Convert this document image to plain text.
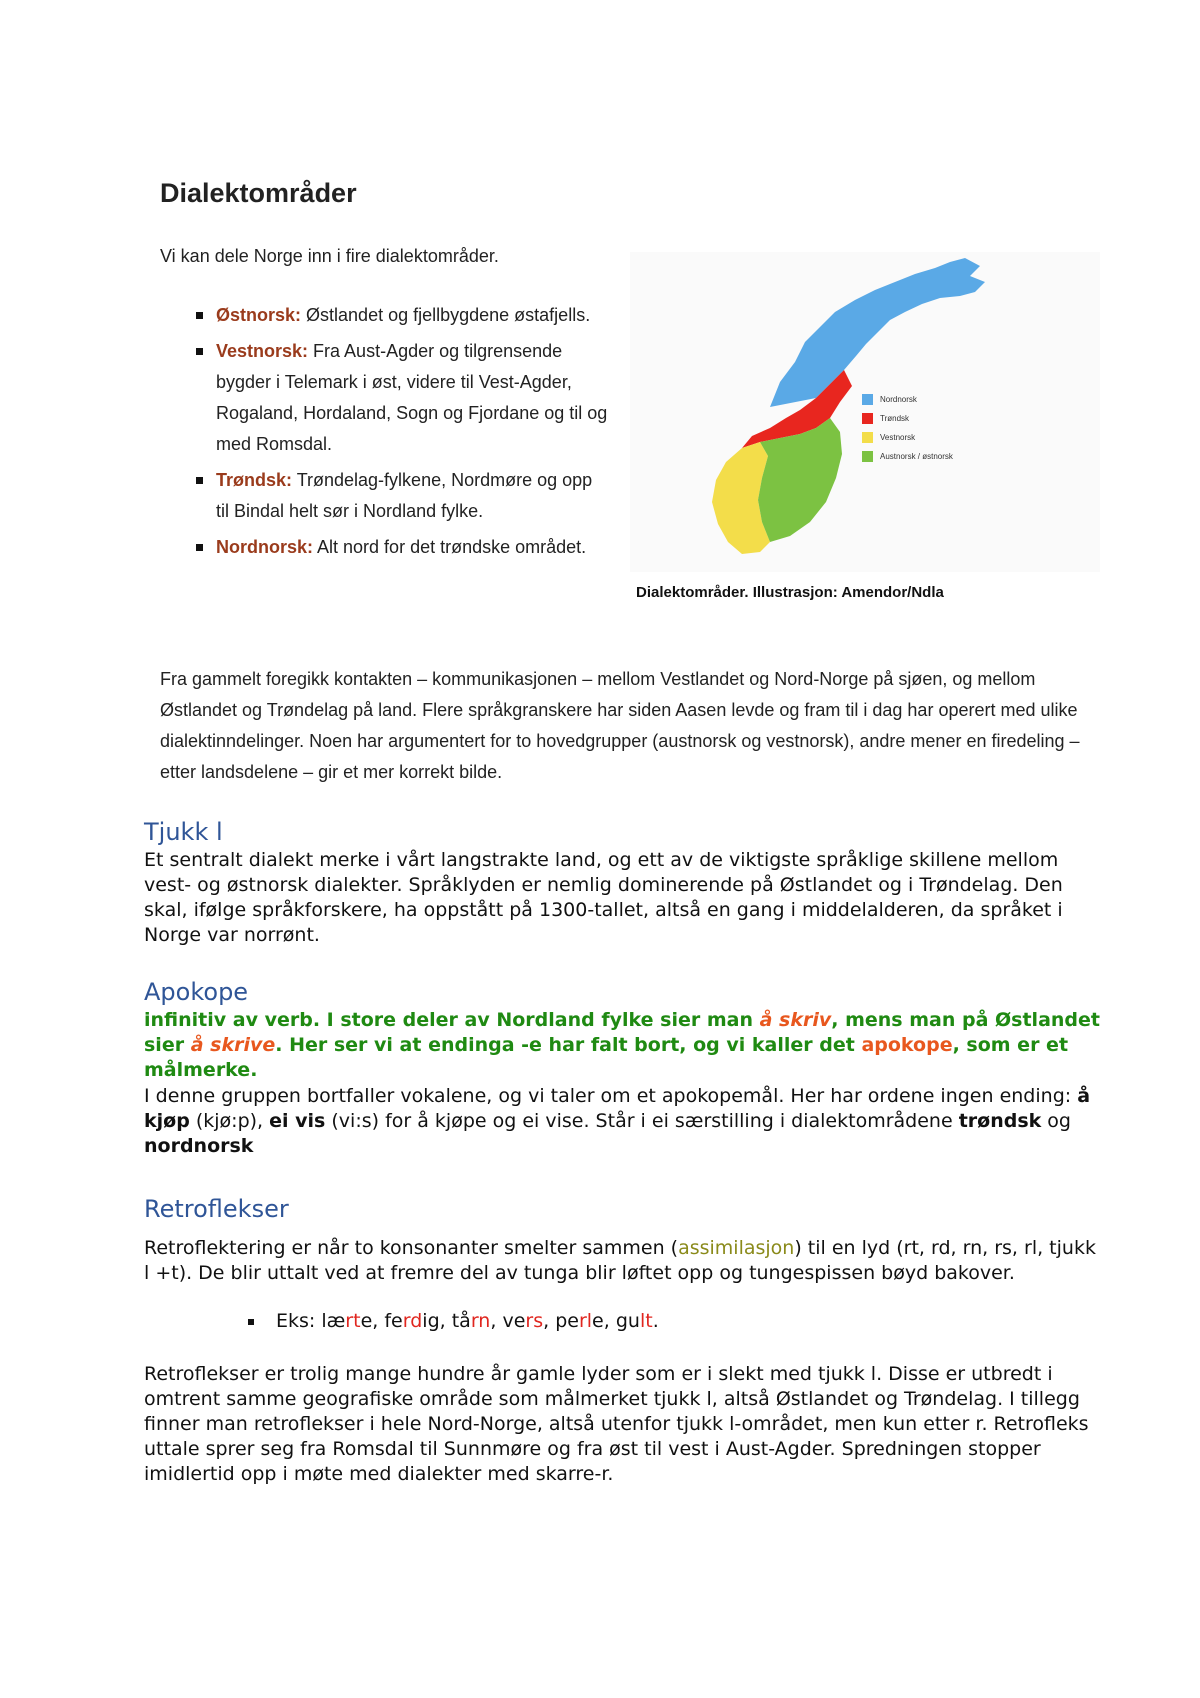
Dialektområder
Vi kan dele Norge inn i fire dialektområder.
Østnorsk: Østlandet og fjellbygdene østafjells.
Vestnorsk: Fra Aust-Agder og tilgrensende bygder i Telemark i øst, videre til Vest-Agder, Rogaland, Hordaland, Sogn og Fjordane og til og med Romsdal.
Trøndsk: Trøndelag-fylkene, Nordmøre og opp til Bindal helt sør i Nordland fylke.
Nordnorsk: Alt nord for det trøndske området.
Nordnorsk
Trøndsk
Vestnorsk
Austnorsk / østnorsk
Dialektområder. Illustrasjon: Amendor/Ndla
Fra gammelt foregikk kontakten – kommunikasjonen – mellom Vestlandet og Nord-Norge på sjøen, og mellom Østlandet og Trøndelag på land. Flere språkgranskere har siden Aasen levde og fram til i dag har operert med ulike dialektinndelinger. Noen har argumentert for to hovedgrupper (austnorsk og vestnorsk), andre mener en firedeling – etter landsdelene – gir et mer korrekt bilde.
Tjukk l
Et sentralt dialekt merke i vårt langstrakte land, og ett av de viktigste språklige skillene mellom vest- og østnorsk dialekter. Språklyden er nemlig dominerende på Østlandet og i Trøndelag. Den skal, ifølge språkforskere, ha oppstått på 1300-tallet, altså en gang i middelalderen, da språket i Norge var norrønt.
Apokope
infinitiv av verb. I store deler av Nordland fylke sier man å skriv, mens man på Østlandet sier å skrive. Her ser vi at endinga -e har falt bort, og vi kaller det apokope, som er et målmerke.
I denne gruppen bortfaller vokalene, og vi taler om et apokopemål. Her har ordene ingen ending: å kjøp (kjø:p), ei vis (vi:s) for å kjøpe og ei vise. Står i ei særstilling i dialektområdene trøndsk og nordnorsk
Retroflekser
Retroflektering er når to konsonanter smelter sammen (assimilasjon) til en lyd (rt, rd, rn, rs, rl, tjukk l +t). De blir uttalt ved at fremre del av tunga blir løftet opp og tungespissen bøyd bakover.
Eks: lærte, ferdig, tårn, vers, perle, gult.
Retroflekser er trolig mange hundre år gamle lyder som er i slekt med tjukk l. Disse er utbredt i omtrent samme geografiske område som målmerket tjukk l, altså Østlandet og Trøndelag. I tillegg finner man retroflekser i hele Nord-Norge, altså utenfor tjukk l-området, men kun etter r. Retrofleks uttale sprer seg fra Romsdal til Sunnmøre og fra øst til vest i Aust-Agder. Spredningen stopper imidlertid opp i møte med dialekter med skarre-r.
